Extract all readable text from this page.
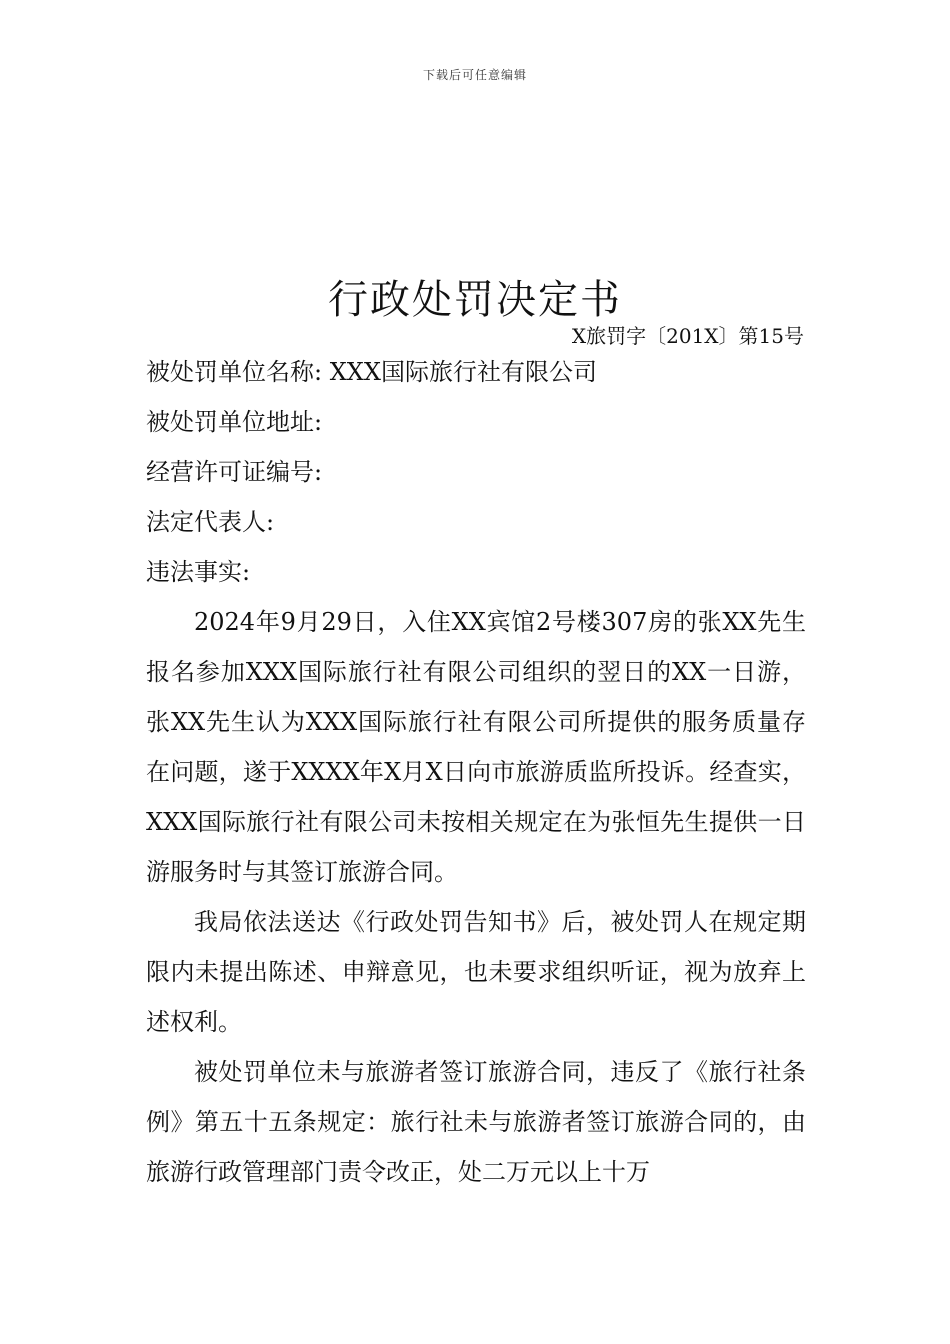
下载后可任意编辑
行政处罚决定书
X旅罚字〔201X〕第15号
被处罚单位名称: XXX国际旅行社有限公司
被处罚单位地址:
经营许可证编号:
法定代表人:
违法事实:

2024年9月29日，入住XX宾馆2号楼307房的张XX先生报名参加XXX国际旅行社有限公司组织的翌日的XX一日游，张XX先生认为XXX国际旅行社有限公司所提供的服务质量存在问题，遂于XXXX年X月X日向市旅游质监所投诉。经查实，XXX国际旅行社有限公司未按相关规定在为张恒先生提供一日游服务时与其签订旅游合同。

我局依法送达《行政处罚告知书》后，被处罚人在规定期限内未提出陈述、申辩意见，也未要求组织听证，视为放弃上述权利。

被处罚单位未与旅游者签订旅游合同，违反了《旅行社条例》第五十五条规定：旅行社未与旅游者签订旅游合同的，由旅游行政管理部门责令改正，处二万元以上十万
